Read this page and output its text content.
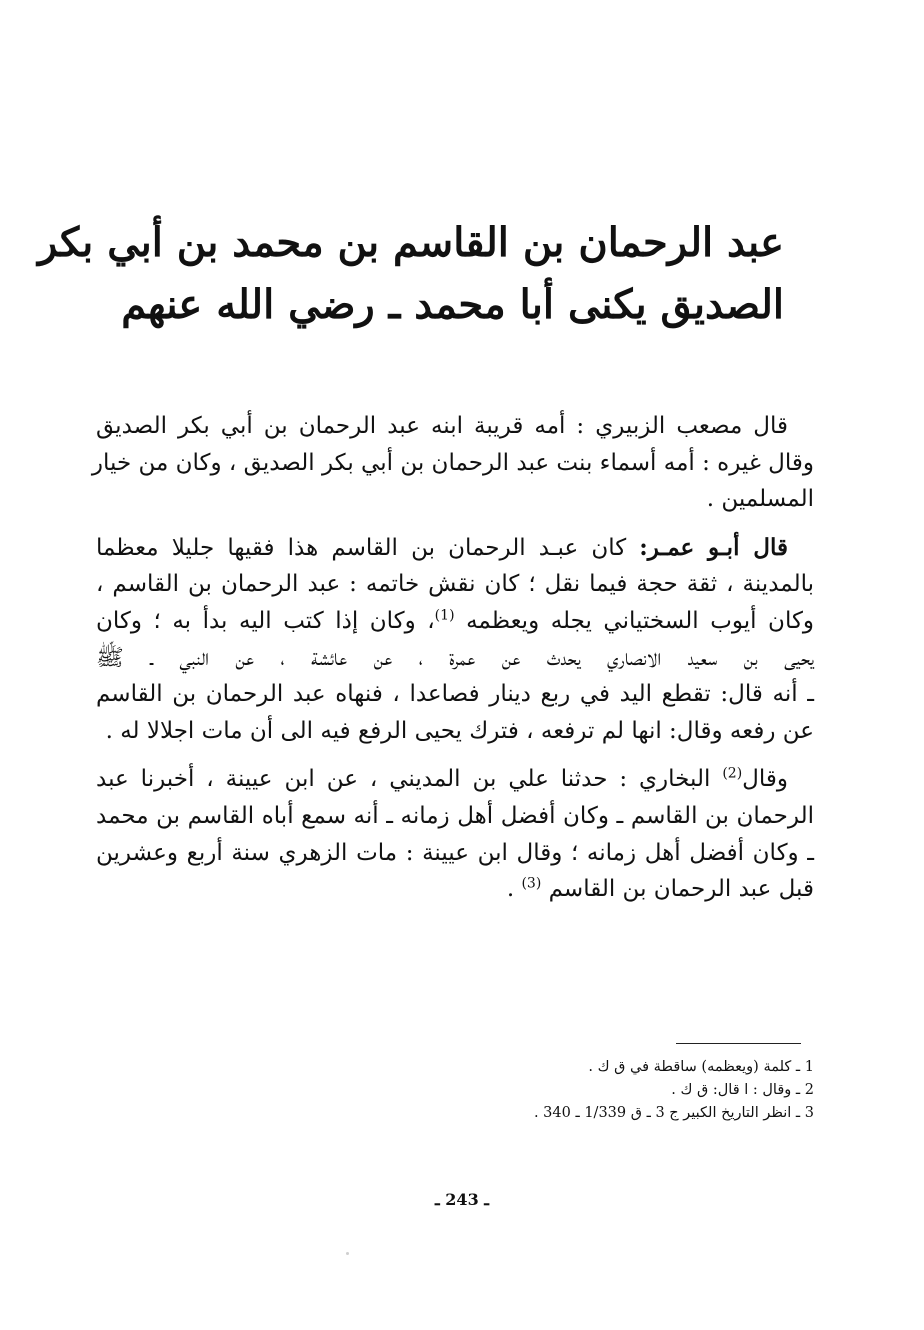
عبد الرحمان بن القاسم بن محمد بن أبي بكر
الصديق يكنى أبا محمد ـ رضي الله عنهم
قال مصعب الزبيري : أمه قريبة ابنه عبد الرحمان بن أبي بكر الصديق
وقال غيره : أمه أسماء بنت عبد الرحمان بن أبي بكر الصديق ، وكان من خيار
المسلمين .
قال أبـو عمـر: كان عبـد الرحمان بن القاسم هذا فقيها جليلا معظما
بالمدينة ، ثقة حجة فيما نقل ؛ كان نقش خاتمه : عبد الرحمان بن القاسم ،
وكان أيوب السختياني يجله ويعظمه $^{(1)}$، وكان إذا كتب اليه بدأ به ؛ وكان
يحيى بن سعيد الانصاري يحدث عن عمرة ، عن عائشة ، عن النبي ـ ﷺ
ـ أنه قال: تقطع اليد في ربع دينار فصاعدا ، فنهاه عبد الرحمان بن القاسم
عن رفعه وقال: انها لم ترفعه ، فترك يحيى الرفع فيه الى أن مات اجلالا له .
وقال$^{(2)}$ البخاري : حدثنا علي بن المديني ، عن ابن عيينة ، أخبرنا عبد
الرحمان بن القاسم ـ وكان أفضل أهل زمانه ـ أنه سمع أباه القاسم بن محمد
ـ وكان أفضل أهل زمانه ؛ وقال ابن عيينة : مات الزهري سنة أربع وعشرين
قبل عبد الرحمان بن القاسم $^{(3)}$ .
1 ـ كلمة (ويعظمه) ساقطة في ق ك .
2 ـ وقال : ا قال: ق ك .
3 ـ انظر التاريخ الكبير ج 3 ـ ق 1/339 ـ 340 .
ـ 243 ـ
